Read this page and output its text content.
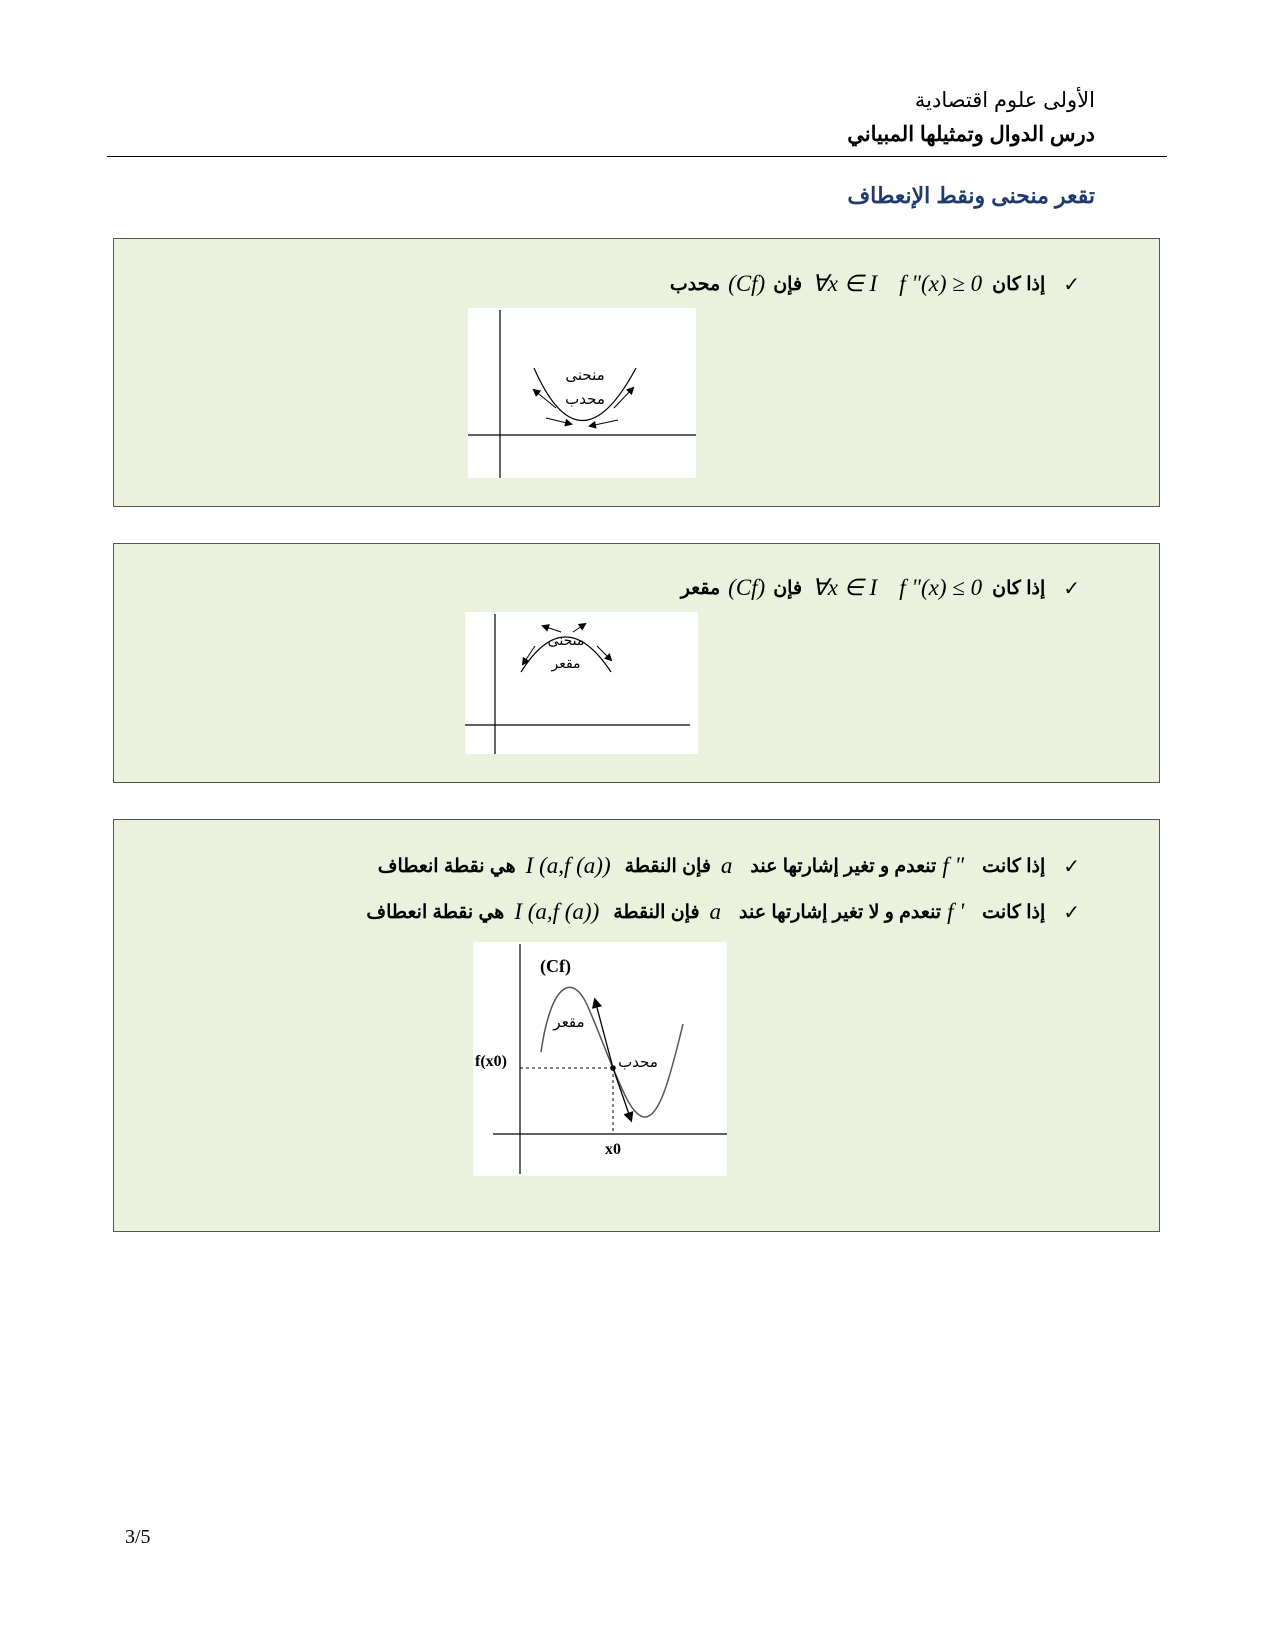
الأولى علوم اقتصادية
درس الدوال وتمثيلها المبياني
تقعر منحنى ونقط الإنعطاف
✓
إذا كان
f "(x) ≥ 0
∀x ∈ I
فإن
(Cf)
محدب
منحنى
محدب
✓
إذا كان
f "(x) ≤ 0
∀x ∈ I
فإن
(Cf)
مقعر
منحنى
مقعر
✓
إذا كانت
f "
تنعدم و تغير إشارتها عند
a
فإن النقطة
I (a,f (a))
هي نقطة انعطاف
✓
إذا كانت
f '
تنعدم و لا تغير إشارتها عند
a
فإن النقطة
I (a,f (a))
هي نقطة انعطاف
(Cf)
مقعر
محدب
f(x0)
x0
3/5
